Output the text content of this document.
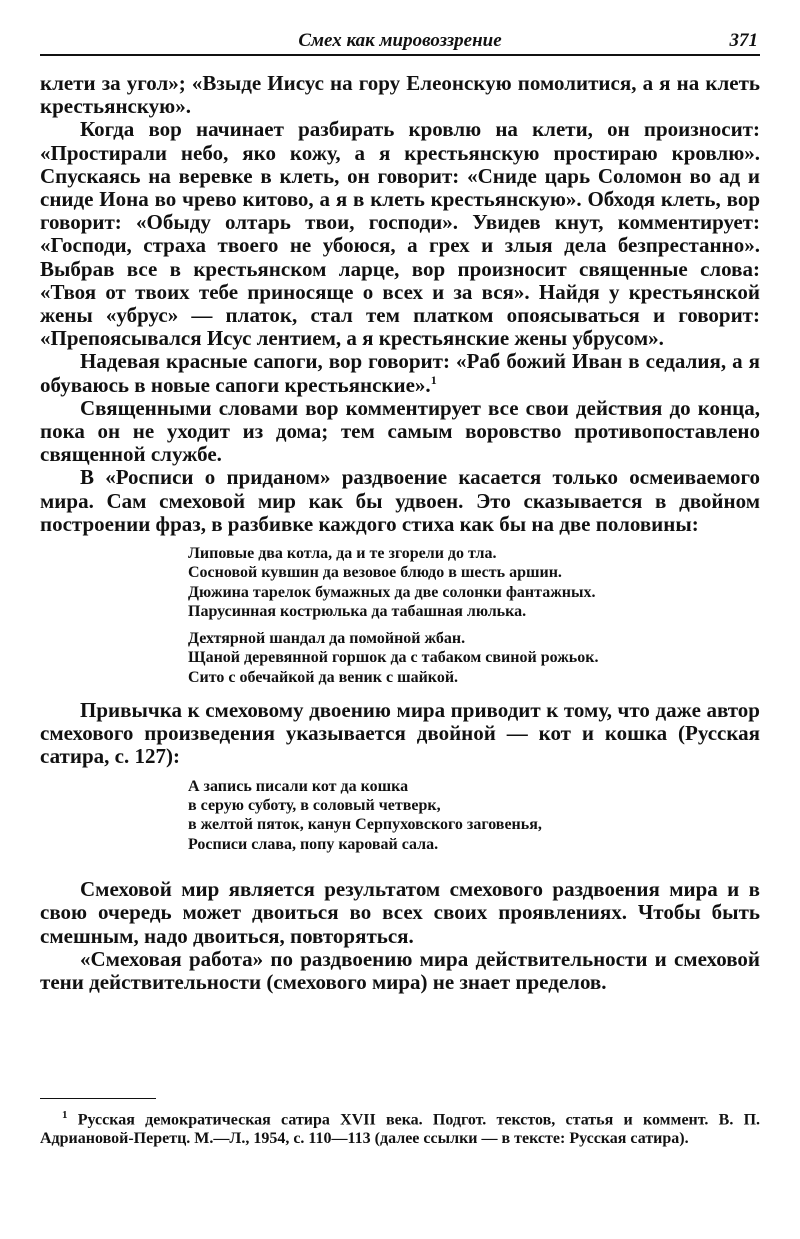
Смех как мировоззрение	371

клети за угол»; «Взыде Иисус на гору Елеонскую помолитися, а я на клеть крестьянскую».

Когда вор начинает разбирать кровлю на клети, он произносит: «Простирали небо, яко кожу, а я крестьянскую простираю кровлю». Спускаясь на веревке в клеть, он говорит: «Сниде царь Соломон во ад и сниде Иона во чрево китово, а я в клеть крестьянскую». Обходя клеть, вор говорит: «Обыду олтарь твои, господи». Увидев кнут, комментирует: «Господи, страха твоего не убоюся, а грех и злыя дела безпрестанно». Выбрав все в крестьянском ларце, вор произносит священные слова: «Твоя от твоих тебе приносяще о всех и за вся». Найдя у крестьянской жены «убрус» — платок, стал тем платком опоясываться и говорит: «Препоясывался Исус лентием, а я крестьянские жены убрусом».

Надевая красные сапоги, вор говорит: «Раб божий Иван в седалия, а я обуваюсь в новые сапоги крестьянские».$^1$

Священными словами вор комментирует все свои действия до конца, пока он не уходит из дома; тем самым воровство противопоставлено священной службе.

В «Росписи о приданом» раздвоение касается только осмеиваемого мира. Сам смеховой мир как бы удвоен. Это сказывается в двойном построении фраз, в разбивке каждого стиха как бы на две половины:

Липовые два котла, да и те згорели до тла.
Сосновой кувшин да везовое блюдо в шесть аршин.
Дюжина тарелок бумажных да две солонки фантажных.
Парусинная кострюлька да табашная люлька.
Дехтярной шандал да помойной жбан.
Щаной деревянной горшок да с табаком свиной рожьок.
Сито с обечайкой да веник с шайкой.

Привычка к смеховому двоению мира приводит к тому, что даже автор смехового произведения указывается двойной — кот и кошка (Русская сатира, с. 127):

А запись писали кот да кошка
в серую суботу, в соловый четверк,
в желтой пяток, канун Серпуховского заговенья,
Росписи слава, попу каровай сала.

Смеховой мир является результатом смехового раздвоения мира и в свою очередь может двоиться во всех своих проявлениях. Чтобы быть смешным, надо двоиться, повторяться.

«Смеховая работа» по раздвоению мира действительности и смеховой тени действительности (смехового мира) не знает пределов.

$^1$ Русская демократическая сатира XVII века. Подгот. текстов, статья и коммент. В. П. Адриановой-Перетц. М.—Л., 1954, с. 110—113 (далее ссылки — в тексте: Русская сатира).
